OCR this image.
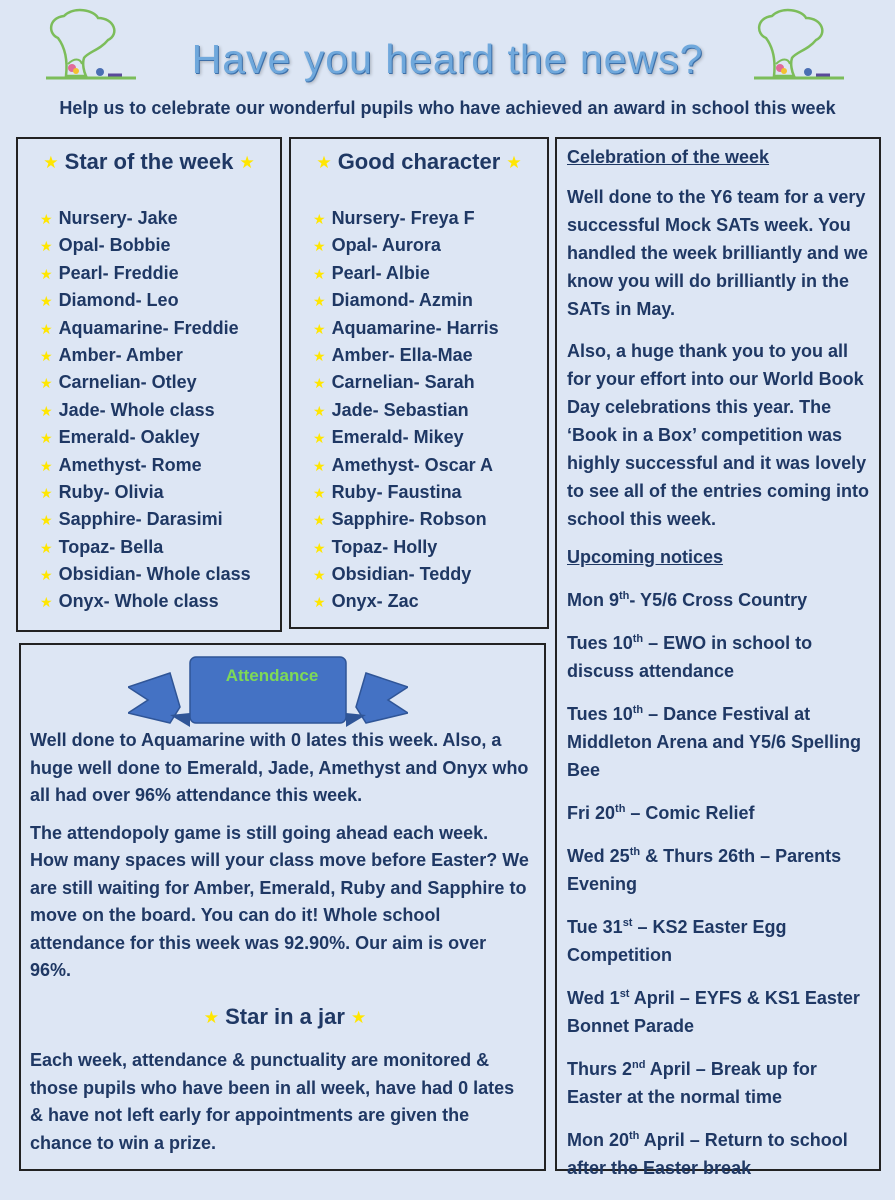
Have you heard the news?
Help us to celebrate our wonderful pupils who have achieved an award in school this week
★ Star of the week ★
★ Nursery- Jake
★ Opal- Bobbie
★ Pearl- Freddie
★ Diamond- Leo
★ Aquamarine- Freddie
★ Amber- Amber
★ Carnelian- Otley
★ Jade- Whole class
★ Emerald- Oakley
★ Amethyst- Rome
★ Ruby- Olivia
★ Sapphire- Darasimi
★ Topaz- Bella
★ Obsidian- Whole class
★ Onyx- Whole class
★ Good character ★
★ Nursery- Freya F
★ Opal- Aurora
★ Pearl- Albie
★ Diamond- Azmin
★ Aquamarine- Harris
★ Amber- Ella-Mae
★ Carnelian- Sarah
★ Jade- Sebastian
★ Emerald- Mikey
★ Amethyst- Oscar A
★ Ruby- Faustina
★ Sapphire- Robson
★ Topaz- Holly
★ Obsidian- Teddy
★ Onyx- Zac

Celebration of the week

Well done to the Y6 team for a very successful Mock SATs week. You handled the week brilliantly and we know you will do brilliantly in the SATs in May.

Also, a huge thank you to you all for your effort into our World Book Day celebrations this year. The ‘Book in a Box’ competition was highly successful and it was lovely to see all of the entries coming into school this week.

Upcoming notices

Mon 9th- Y5/6 Cross Country

Tues 10th – EWO in school to discuss attendance

Tues 10th – Dance Festival at Middleton Arena and Y5/6 Spelling Bee

Fri 20th – Comic Relief

Wed 25th & Thurs 26th – Parents Evening

Tue 31st – KS2 Easter Egg Competition

Wed 1st April – EYFS & KS1 Easter Bonnet Parade

Thurs 2nd April – Break up for Easter at the normal time

Mon 20th April – Return to school after the Easter break

Attendance

Well done to Aquamarine with 0 lates this week. Also, a huge well done to Emerald, Jade, Amethyst and Onyx who all had over 96% attendance this week.

The attendopoly game is still going ahead each week. How many spaces will your class move before Easter? We are still waiting for Amber, Emerald, Ruby and Sapphire to move on the board. You can do it! Whole school attendance for this week was 92.90%. Our aim is over 96%.

★ Star in a jar ★

Each week, attendance & punctuality are monitored & those pupils who have been in all week, have had 0 lates & have not left early for appointments are given the chance to win a prize.
